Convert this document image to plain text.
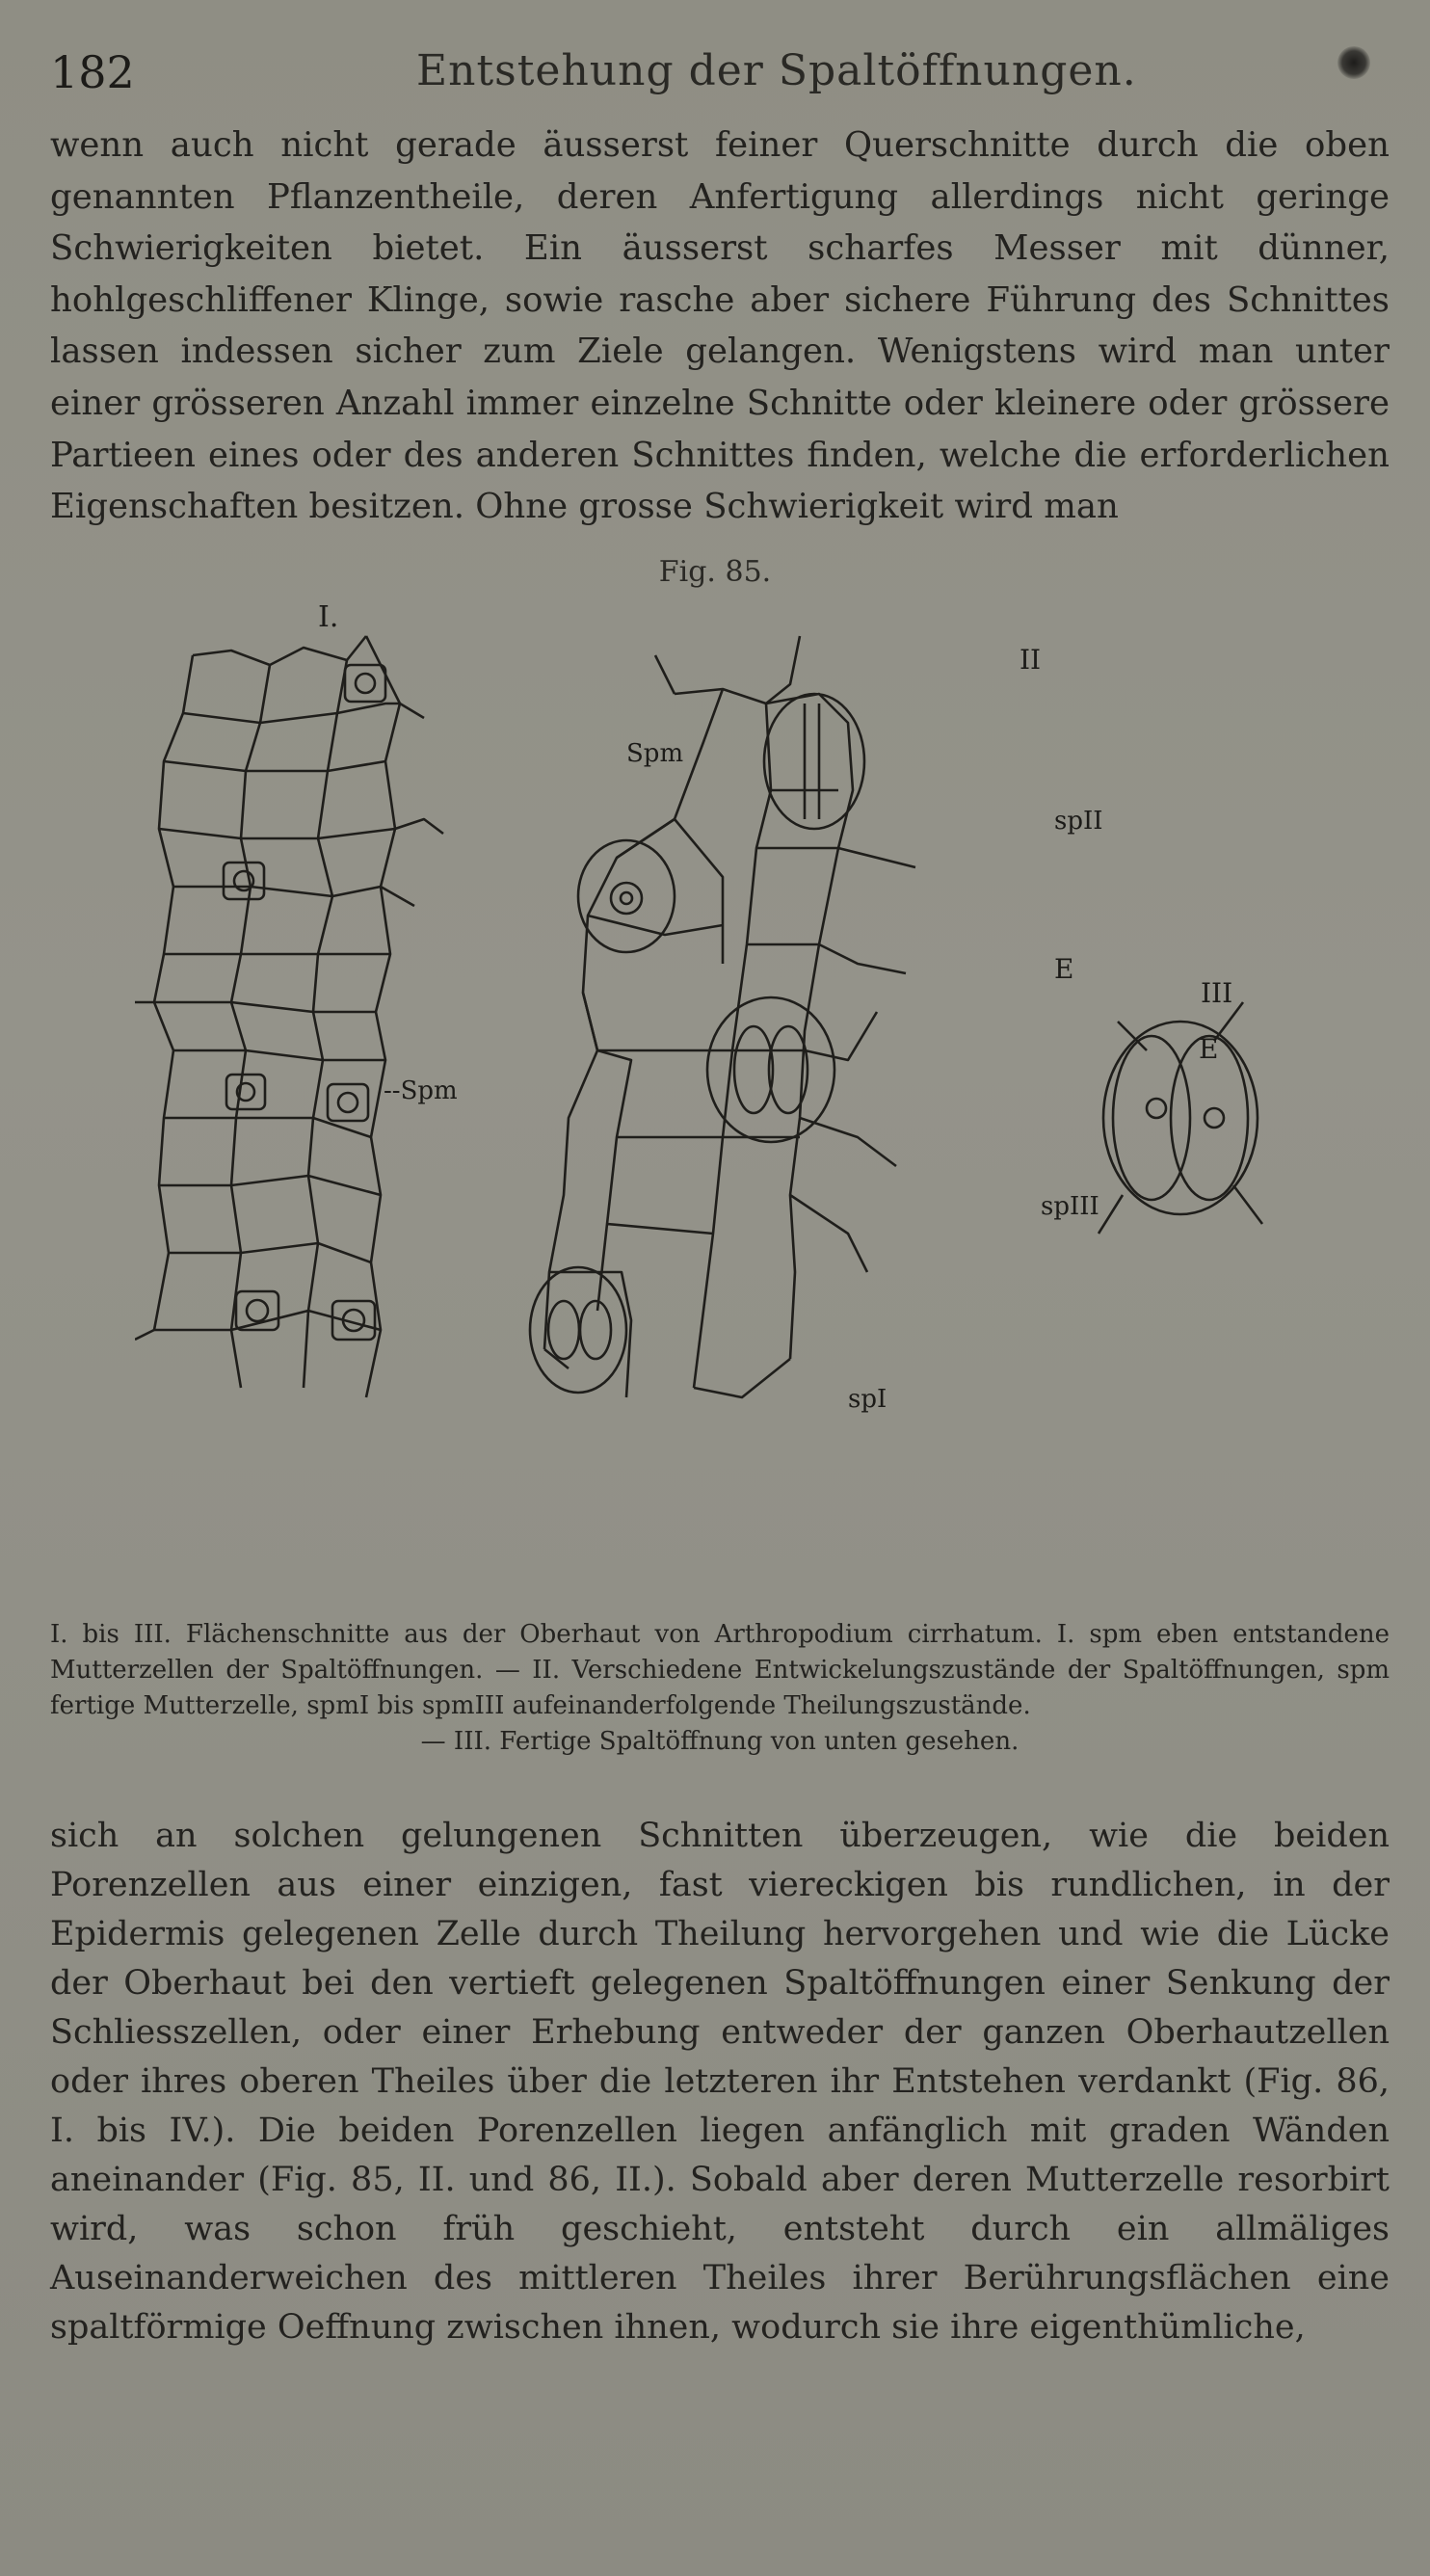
182	Entstehung der Spaltöffnungen.
wenn auch nicht gerade äusserst feiner Querschnitte durch die oben genannten Pflanzentheile, deren Anfertigung allerdings nicht geringe Schwierigkeiten bietet. Ein äusserst scharfes Messer mit dünner, hohlgeschliffener Klinge, sowie rasche aber sichere Führung des Schnittes lassen indessen sicher zum Ziele gelangen. Wenigstens wird man unter einer grösseren Anzahl immer einzelne Schnitte oder kleinere oder grössere Partieen eines oder des anderen Schnittes finden, welche die erforderlichen Eigenschaften besitzen. Ohne grosse Schwierigkeit wird man
Fig. 85.
I.
--Spm
II
Spm
spII
E
III
E
spIII
spI
I. bis III. Flächenschnitte aus der Oberhaut von Arthropodium cirrhatum. I. spm eben entstandene Mutterzellen der Spaltöffnungen. — II. Verschiedene Entwickelungszustände der Spaltöffnungen, spm fertige Mutterzelle, spmI bis spmIII aufeinanderfolgende Theilungszustände.
— III. Fertige Spaltöffnung von unten gesehen.
sich an solchen gelungenen Schnitten überzeugen, wie die beiden Porenzellen aus einer einzigen, fast viereckigen bis rundlichen, in der Epidermis gelegenen Zelle durch Theilung hervorgehen und wie die Lücke der Oberhaut bei den vertieft gelegenen Spaltöffnungen einer Senkung der Schliesszellen, oder einer Erhebung entweder der ganzen Oberhautzellen oder ihres oberen Theiles über die letzteren ihr Entstehen verdankt (Fig. 86, I. bis IV.). Die beiden Porenzellen liegen anfänglich mit graden Wänden aneinander (Fig. 85, II. und 86, II.). Sobald aber deren Mutterzelle resorbirt wird, was schon früh geschieht, entsteht durch ein allmäliges Auseinanderweichen des mittleren Theiles ihrer Berührungsflächen eine spaltförmige Oeffnung zwischen ihnen, wodurch sie ihre eigenthümliche,
